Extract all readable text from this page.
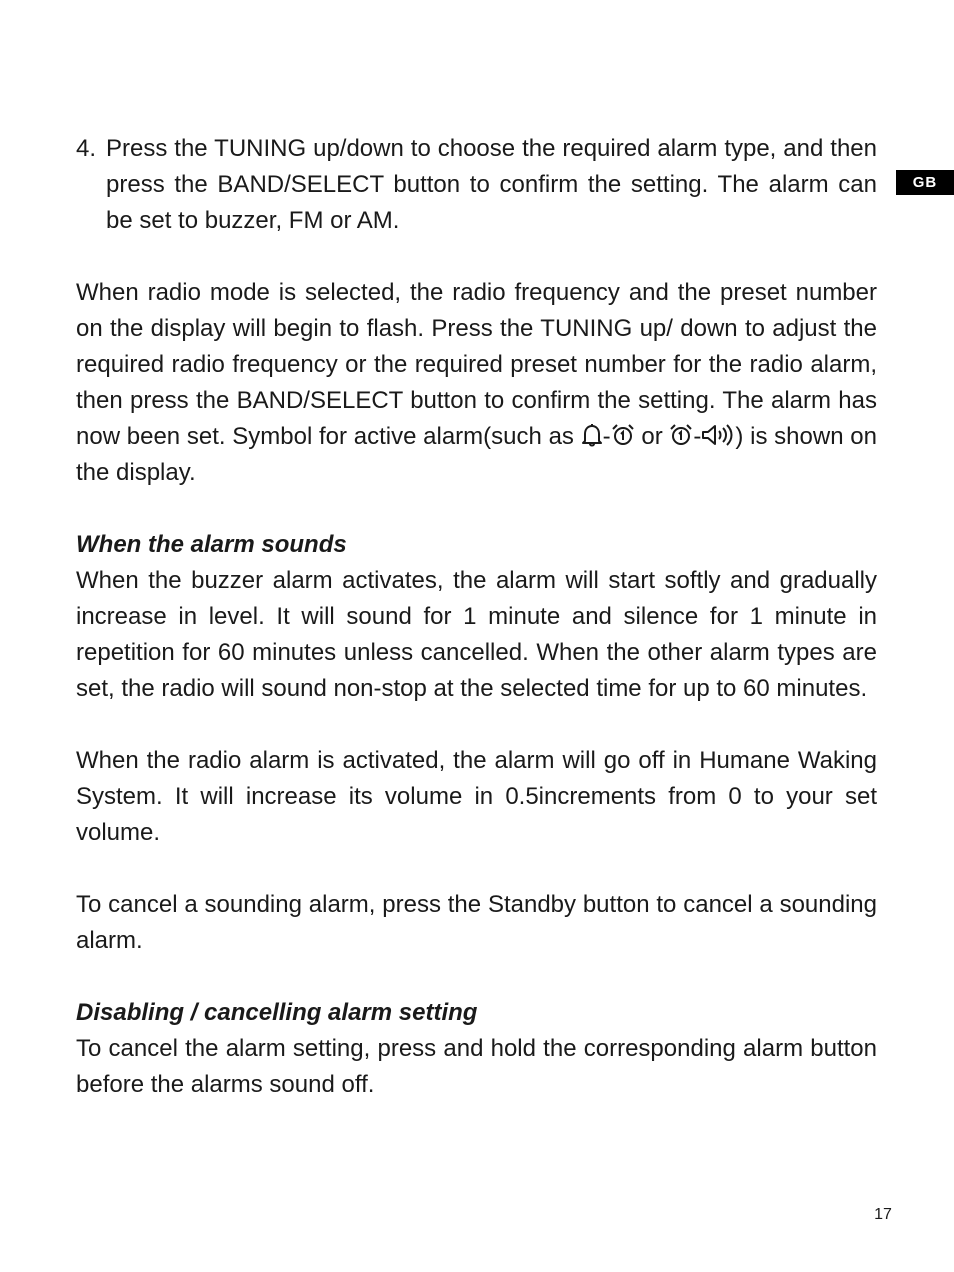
GB
4. Press the TUNING up/down to choose the required alarm type, and then press the BAND/SELECT button to confirm the setting. The alarm can be set to buzzer, FM or AM.

When radio mode is selected, the radio frequency and the preset number on the display will begin to flash. Press the TUNING up/ down to adjust the required radio frequency or the required preset number for the radio alarm, then press the BAND/SELECT button to confirm the setting. The alarm has now been set. Symbol for active alarm(such as - or - ) is shown on the display.

When the alarm sounds

When the buzzer alarm activates, the alarm will start softly and gradually increase in level. It will sound for 1 minute and silence for 1 minute in repetition for 60 minutes unless cancelled. When the other alarm types are set, the radio will sound non-stop at the selected time for up to 60 minutes.

When the radio alarm is activated, the alarm will go off in Humane Waking System. It will increase its volume in 0.5increments from 0 to your set volume.

To cancel a sounding alarm, press the Standby button to cancel a sounding alarm.

Disabling / cancelling alarm setting

To cancel the alarm setting, press and hold the corresponding alarm button before the alarms sound off.

17
